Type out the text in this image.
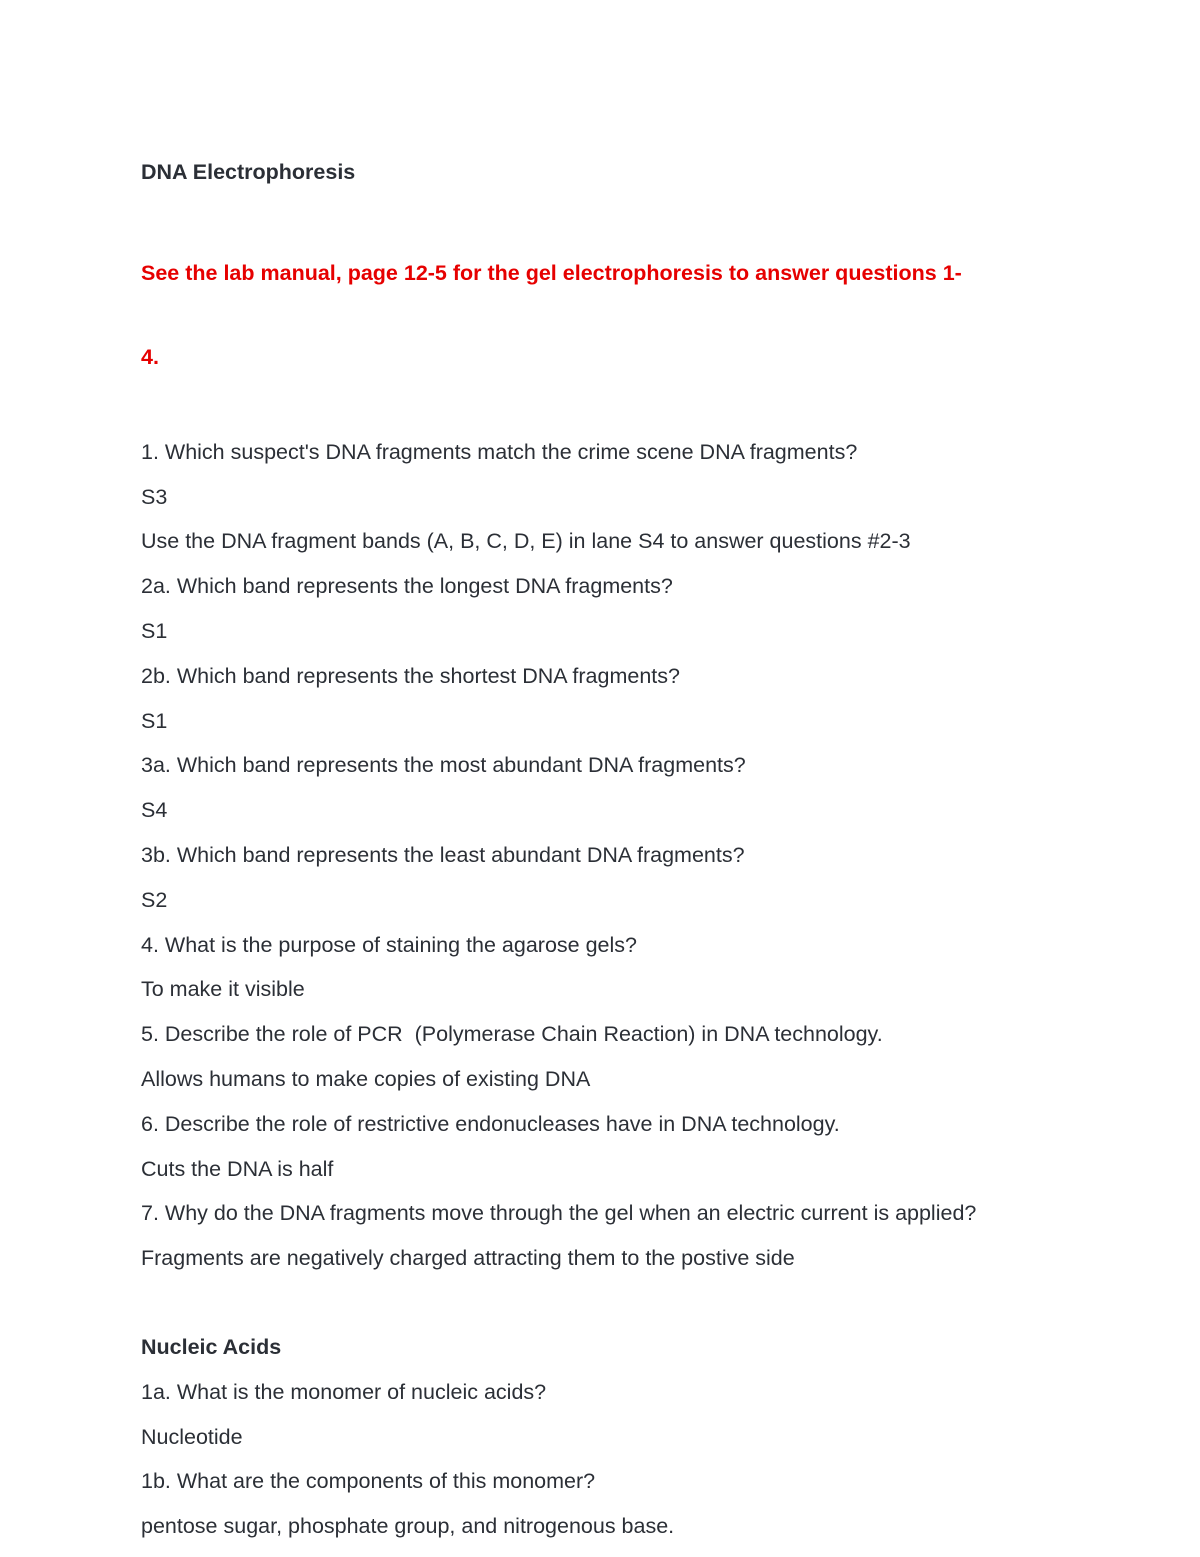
DNA Electrophoresis

See the lab manual, page 12-5 for the gel electrophoresis to answer questions 1-

4.

1. Which suspect's DNA fragments match the crime scene DNA fragments?
S3
Use the DNA fragment bands (A, B, C, D, E) in lane S4 to answer questions #2-3
2a. Which band represents the longest DNA fragments?
S1
2b. Which band represents the shortest DNA fragments?
S1
3a. Which band represents the most abundant DNA fragments?
S4
3b. Which band represents the least abundant DNA fragments?
S2
4. What is the purpose of staining the agarose gels?
To make it visible
5. Describe the role of PCR  (Polymerase Chain Reaction) in DNA technology.
Allows humans to make copies of existing DNA
6. Describe the role of restrictive endonucleases have in DNA technology.
Cuts the DNA is half
7. Why do the DNA fragments move through the gel when an electric current is applied?
Fragments are negatively charged attracting them to the postive side
Nucleic Acids
1a. What is the monomer of nucleic acids?
Nucleotide
1b. What are the components of this monomer?
pentose sugar, phosphate group, and nitrogenous base.
